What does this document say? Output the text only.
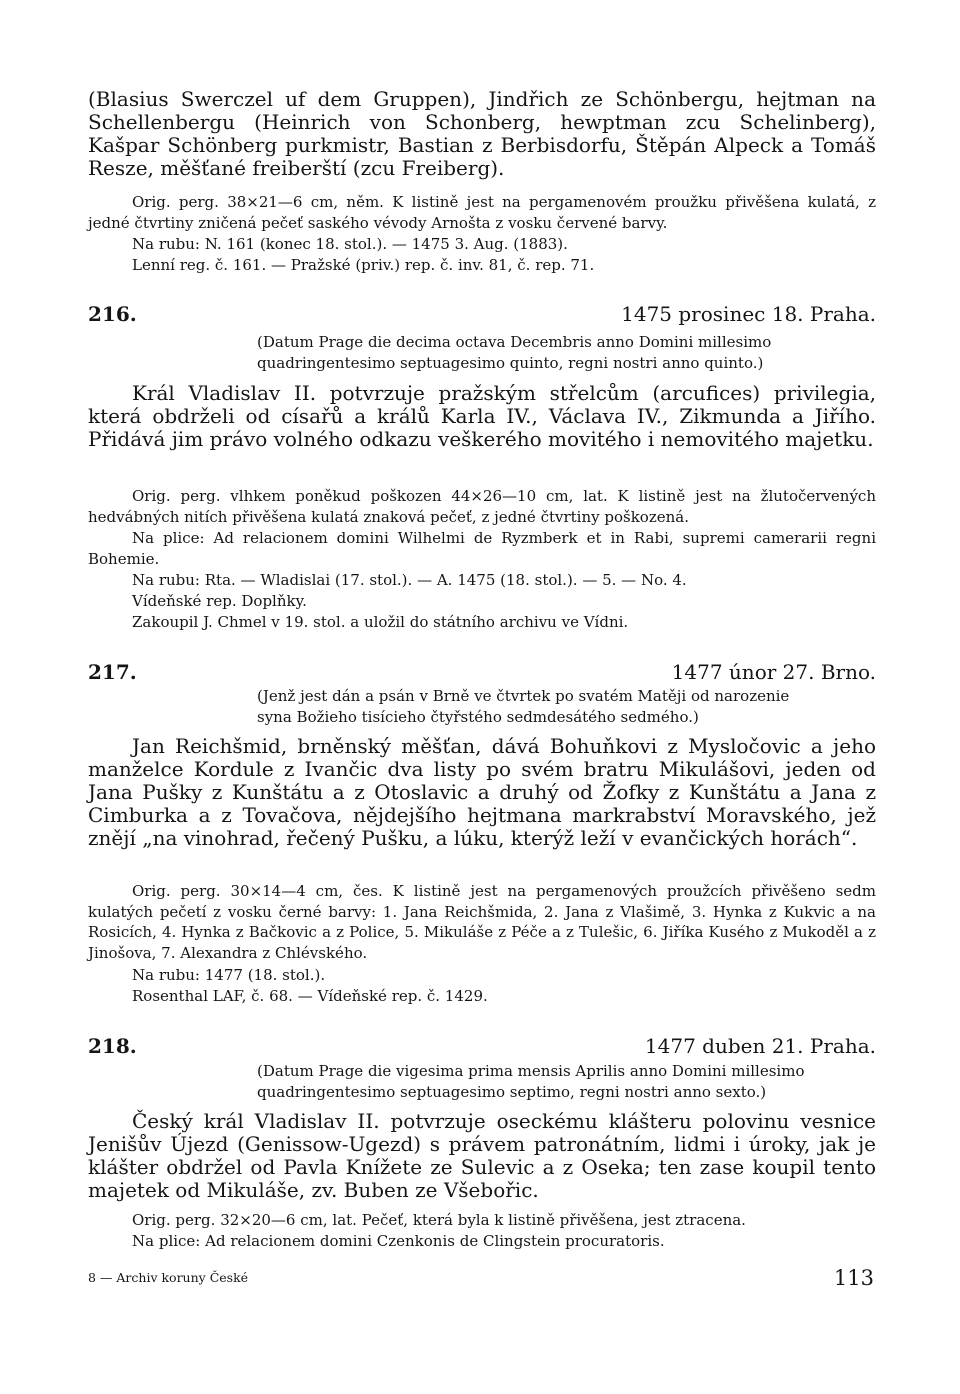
(Blasius Swerczel uf dem Gruppen), Jindřich ze Schönbergu, hejtman na Schellenbergu (Heinrich von Schonberg, hewptman zcu Schelinberg), Kašpar Schönberg purkmistr, Bastian z Berbisdorfu, Štěpán Alpeck a Tomáš Resze, měšťané freiberští (zcu Freiberg).

Orig. perg. 38×21—6 cm, něm. K listině jest na pergamenovém proužku přivěšena kulatá, z jedné čtvrtiny zničená pečeť saského vévody Arnošta z vosku červené barvy.

Na rubu: N. 161 (konec 18. stol.). — 1475 3. Aug. (1883).

Lenní reg. č. 161. — Pražské (priv.) rep. č. inv. 81, č. rep. 71.

216.	1475 prosinec 18. Praha.
(Datum Prage die decima octava Decembris anno Domini millesimo
quadringentesimo septuagesimo quinto, regni nostri anno quinto.)

Král Vladislav II. potvrzuje pražským střelcům (arcufices) privilegia, která obdrželi od císařů a králů Karla IV., Václava IV., Zikmunda a Jiřího. Přidává jim právo volného odkazu veškerého movitého i nemovitého majetku.

Orig. perg. vlhkem poněkud poškozen 44×26—10 cm, lat. K listině jest na žlutočervených hedvábných nitích přivěšena kulatá znaková pečeť, z jedné čtvrtiny poškozená.

Na plice: Ad relacionem domini Wilhelmi de Ryzmberk et in Rabi, supremi camerarii regni Bohemie.

Na rubu: Rta. — Wladislai (17. stol.). — A. 1475 (18. stol.). — 5. — No. 4.

Vídeňské rep. Doplňky.

Zakoupil J. Chmel v 19. stol. a uložil do státního archivu ve Vídni.

217.	1477 únor 27. Brno.
(Jenž jest dán a psán v Brně ve čtvrtek po svatém Matěji od narozenie
syna Božieho tisícieho čtyřstého sedmdesátého sedmého.)

Jan Reichšmid, brněnský měšťan, dává Bohuňkovi z Mysločovic a jeho manželce Kordule z Ivančic dva listy po svém bratru Mikulášovi, jeden od Jana Pušky z Kunštátu a z Otoslavic a druhý od Žofky z Kunštátu a Jana z Cimburka a z Tovačova, nějdejšího hejtmana markrabství Moravského, jež znějí „na vinohrad, řečený Pušku, a lúku, kterýž leží v evančických horách“.

Orig. perg. 30×14—4 cm, čes. K listině jest na pergamenových proužcích přivěšeno sedm kulatých pečetí z vosku černé barvy: 1. Jana Reichšmida, 2. Jana z Vlašimě, 3. Hynka z Kukvic a na Rosicích, 4. Hynka z Bačkovic a z Police, 5. Mikuláše z Péče a z Tulešic, 6. Jiříka Kusého z Mukoděl a z Jinošova, 7. Alexandra z Chlévského.

Na rubu: 1477 (18. stol.).

Rosenthal LAF, č. 68. — Vídeňské rep. č. 1429.

218.	1477 duben 21. Praha.
(Datum Prage die vigesima prima mensis Aprilis anno Domini millesimo
quadringentesimo septuagesimo septimo, regni nostri anno sexto.)

Český král Vladislav II. potvrzuje oseckému klášteru polovinu vesnice Jenišův Újezd (Genissow-Ugezd) s právem patronátním, lidmi i úroky, jak je klášter obdržel od Pavla Knížete ze Sulevic a z Oseka; ten zase koupil tento majetek od Mikuláše, zv. Buben ze Všebořic.

Orig. perg. 32×20—6 cm, lat. Pečeť, která byla k listině přivěšena, jest ztracena.

Na plice: Ad relacionem domini Czenkonis de Clingstein procuratoris.

8 — Archiv koruny České	113
